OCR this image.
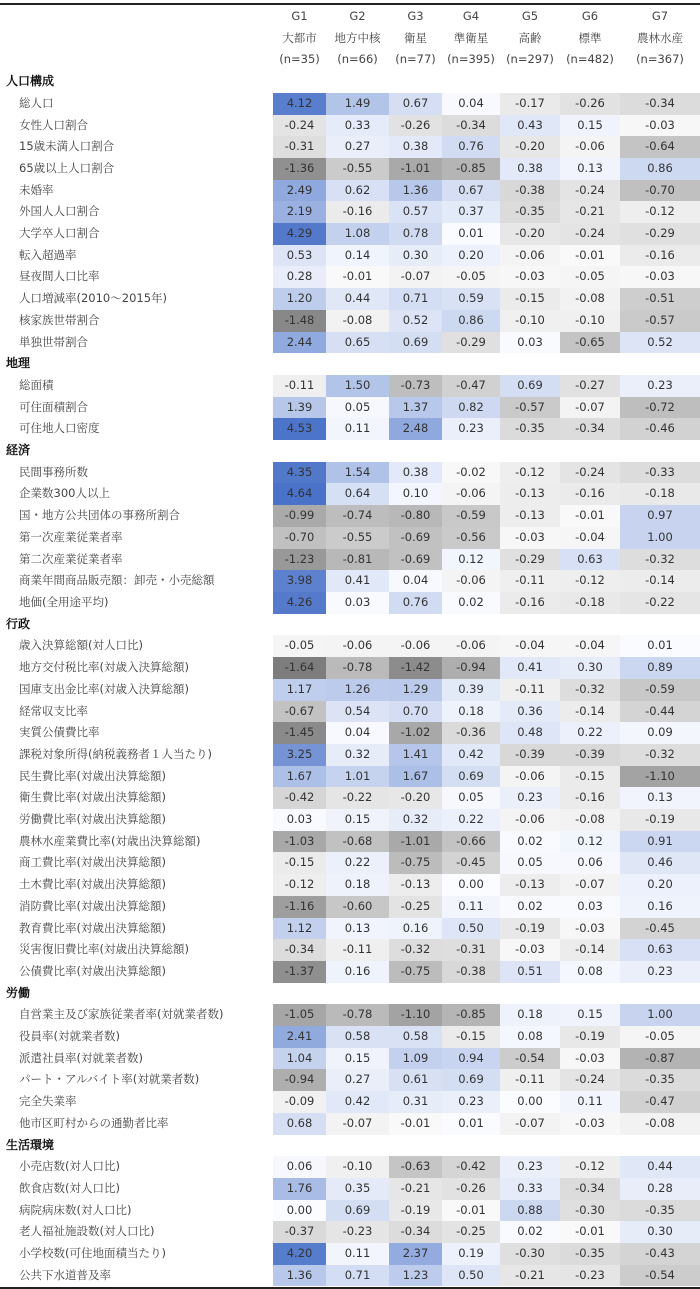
	G1	G2	G3	G4	G5	G6	G7
	大都市	地方中核	衛星	準衛星	高齢	標準	農林水産
	(n=35)	(n=66)	(n=77)	(n=395)	(n=297)	(n=482)	(n=367)
人口構成							
総人口	4.12	1.49	0.67	0.04	-0.17	-0.26	-0.34
女性人口割合	-0.24	0.33	-0.26	-0.34	0.43	0.15	-0.03
15歳未満人口割合	-0.31	0.27	0.38	0.76	-0.20	-0.06	-0.64
65歳以上人口割合	-1.36	-0.55	-1.01	-0.85	0.38	0.13	0.86
未婚率	2.49	0.62	1.36	0.67	-0.38	-0.24	-0.70
外国人人口割合	2.19	-0.16	0.57	0.37	-0.35	-0.21	-0.12
大学卒人口割合	4.29	1.08	0.78	0.01	-0.20	-0.24	-0.29
転入超過率	0.53	0.14	0.30	0.20	-0.06	-0.01	-0.16
昼夜間人口比率	0.28	-0.01	-0.07	-0.05	-0.03	-0.05	-0.03
人口増減率(2010～2015年)	1.20	0.44	0.71	0.59	-0.15	-0.08	-0.51
核家族世帯割合	-1.48	-0.08	0.52	0.86	-0.10	-0.10	-0.57
単独世帯割合	2.44	0.65	0.69	-0.29	0.03	-0.65	0.52
地理							
総面積	-0.11	1.50	-0.73	-0.47	0.69	-0.27	0.23
可住面積割合	1.39	0.05	1.37	0.82	-0.57	-0.07	-0.72
可住地人口密度	4.53	0.11	2.48	0.23	-0.35	-0.34	-0.46
経済							
民間事務所数	4.35	1.54	0.38	-0.02	-0.12	-0.24	-0.33
企業数300人以上	4.64	0.64	0.10	-0.06	-0.13	-0.16	-0.18
国・地方公共団体の事務所割合	-0.99	-0.74	-0.80	-0.59	-0.13	-0.01	0.97
第一次産業従業者率	-0.70	-0.55	-0.69	-0.56	-0.03	-0.04	1.00
第二次産業従業者率	-1.23	-0.81	-0.69	0.12	-0.29	0.63	-0.32
商業年間商品販売額：卸売・小売総額	3.98	0.41	0.04	-0.06	-0.11	-0.12	-0.14
地価(全用途平均)	4.26	0.03	0.76	0.02	-0.16	-0.18	-0.22
行政							
歳入決算総額(対人口比)	-0.05	-0.06	-0.06	-0.06	-0.04	-0.04	0.01
地方交付税比率(対歳入決算総額)	-1.64	-0.78	-1.42	-0.94	0.41	0.30	0.89
国庫支出金比率(対歳入決算総額)	1.17	1.26	1.29	0.39	-0.11	-0.32	-0.59
経常収支比率	-0.67	0.54	0.70	0.18	0.36	-0.14	-0.44
実質公債費比率	-1.45	0.04	-1.02	-0.36	0.48	0.22	0.09
課税対象所得(納税義務者１人当たり)	3.25	0.32	1.41	0.42	-0.39	-0.39	-0.32
民生費比率(対歳出決算総額)	1.67	1.01	1.67	0.69	-0.06	-0.15	-1.10
衛生費比率(対歳出決算総額)	-0.42	-0.22	-0.20	0.05	0.23	-0.16	0.13
労働費比率(対歳出決算総額)	0.03	0.15	0.32	0.22	-0.06	-0.08	-0.19
農林水産業費比率(対歳出決算総額)	-1.03	-0.68	-1.01	-0.66	0.02	0.12	0.91
商工費比率(対歳出決算総額)	-0.15	0.22	-0.75	-0.45	0.05	0.06	0.46
土木費比率(対歳出決算総額)	-0.12	0.18	-0.13	0.00	-0.13	-0.07	0.20
消防費比率(対歳出決算総額)	-1.16	-0.60	-0.25	0.11	0.02	0.03	0.16
教育費比率(対歳出決算総額)	1.12	0.13	0.16	0.50	-0.19	-0.03	-0.45
災害復旧費比率(対歳出決算総額)	-0.34	-0.11	-0.32	-0.31	-0.03	-0.14	0.63
公債費比率(対歳出決算総額)	-1.37	0.16	-0.75	-0.38	0.51	0.08	0.23
労働							
自営業主及び家族従業者率(対就業者数)	-1.05	-0.78	-1.10	-0.85	0.18	0.15	1.00
役員率(対就業者数)	2.41	0.58	0.58	-0.15	0.08	-0.19	-0.05
派遣社員率(対就業者数)	1.04	0.15	1.09	0.94	-0.54	-0.03	-0.87
パート・アルバイト率(対就業者数)	-0.94	0.27	0.61	0.69	-0.11	-0.24	-0.35
完全失業率	-0.09	0.42	0.31	0.23	0.00	0.11	-0.47
他市区町村からの通勤者比率	0.68	-0.07	-0.01	0.01	-0.07	-0.03	-0.08
生活環境							
小売店数(対人口比)	0.06	-0.10	-0.63	-0.42	0.23	-0.12	0.44
飲食店数(対人口比)	1.76	0.35	-0.21	-0.26	0.33	-0.34	0.28
病院病床数(対人口比)	0.00	0.69	-0.19	-0.01	0.88	-0.30	-0.35
老人福祉施設数(対人口比)	-0.37	-0.23	-0.34	-0.25	0.02	-0.01	0.30
小学校数(可住地面積当たり)	4.20	0.11	2.37	0.19	-0.30	-0.35	-0.43
公共下水道普及率	1.36	0.71	1.23	0.50	-0.21	-0.23	-0.54
